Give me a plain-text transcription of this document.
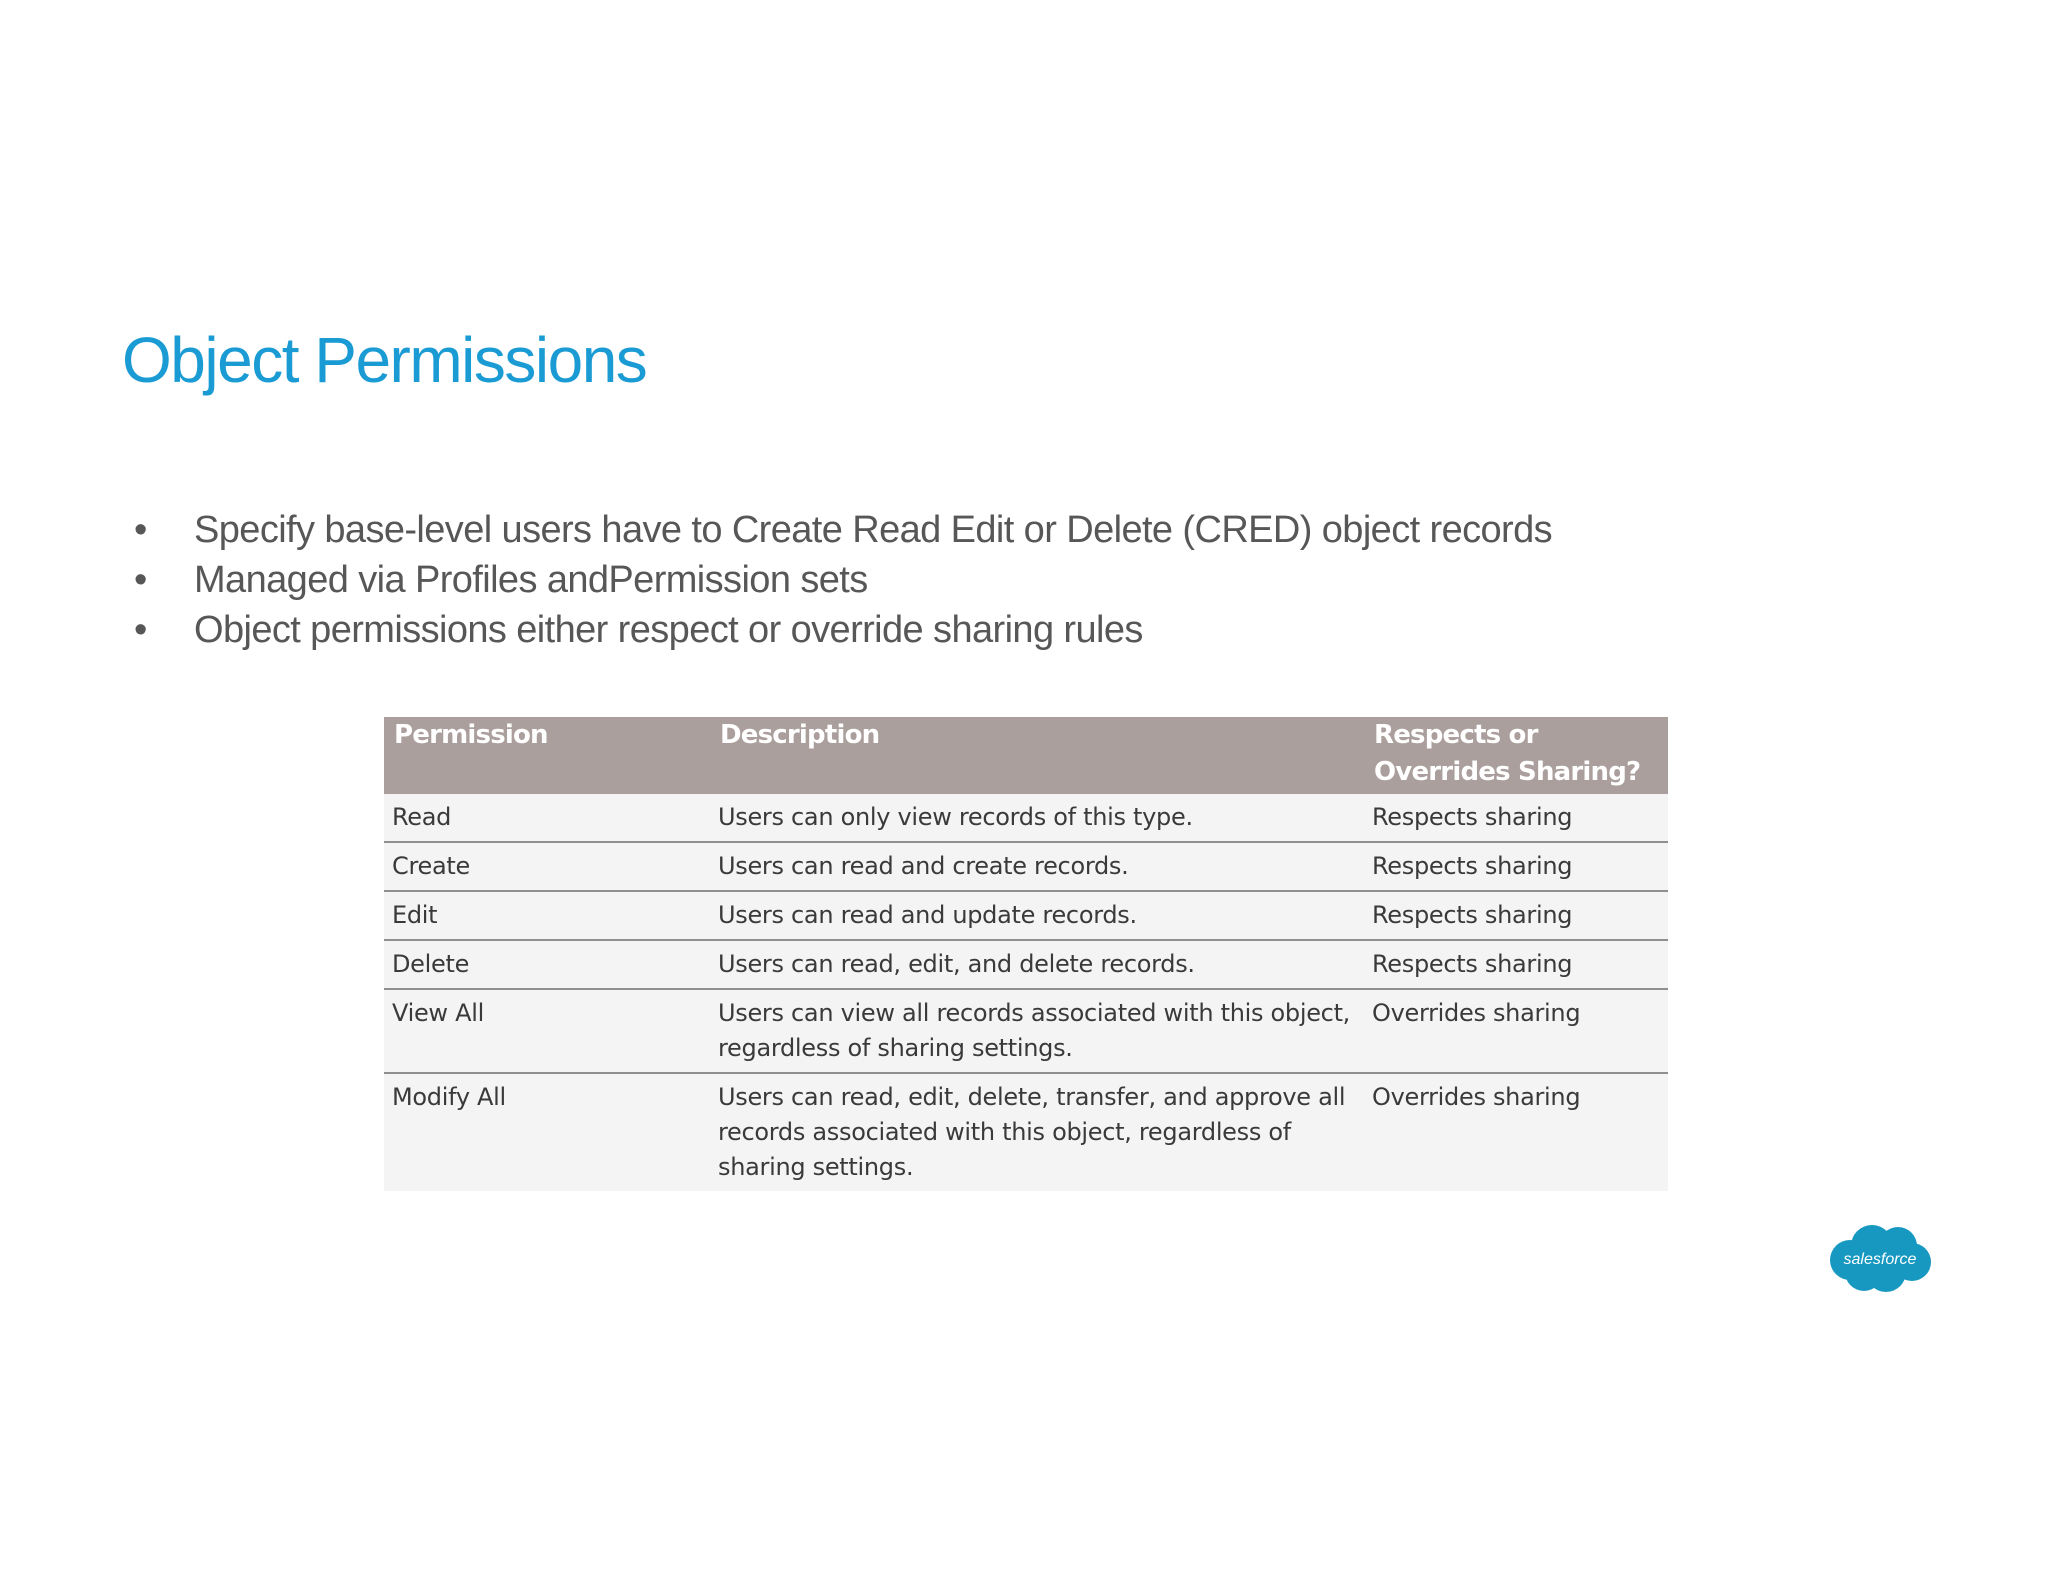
Object Permissions
• Specify base-level users have to Create Read Edit or Delete (CRED) object records
• Managed via Profiles andPermission sets
• Object permissions either respect or override sharing rules
Permission	Description	Respects or Overrides Sharing?
Read	Users can only view records of this type.	Respects sharing
Create	Users can read and create records.	Respects sharing
Edit	Users can read and update records.	Respects sharing
Delete	Users can read, edit, and delete records.	Respects sharing
View All	Users can view all records associated with this object, regardless of sharing settings.	Overrides sharing
Modify All	Users can read, edit, delete, transfer, and approve all records associated with this object, regardless of sharing settings.	Overrides sharing
salesforce
